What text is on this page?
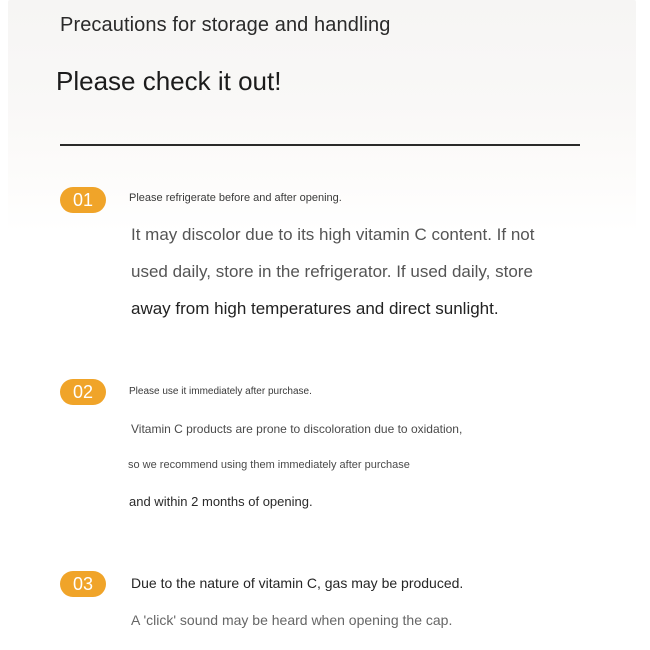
Precautions for storage and handling
Please check it out!
01	Please refrigerate before and after opening.
It may discolor due to its high vitamin C content. If not
used daily, store in the refrigerator. If used daily, store
away from high temperatures and direct sunlight.
02	Please use it immediately after purchase.
Vitamin C products are prone to discoloration due to oxidation,
so we recommend using them immediately after purchase
and within 2 months of opening.
03	Due to the nature of vitamin C, gas may be produced.
A 'click' sound may be heard when opening the cap.
